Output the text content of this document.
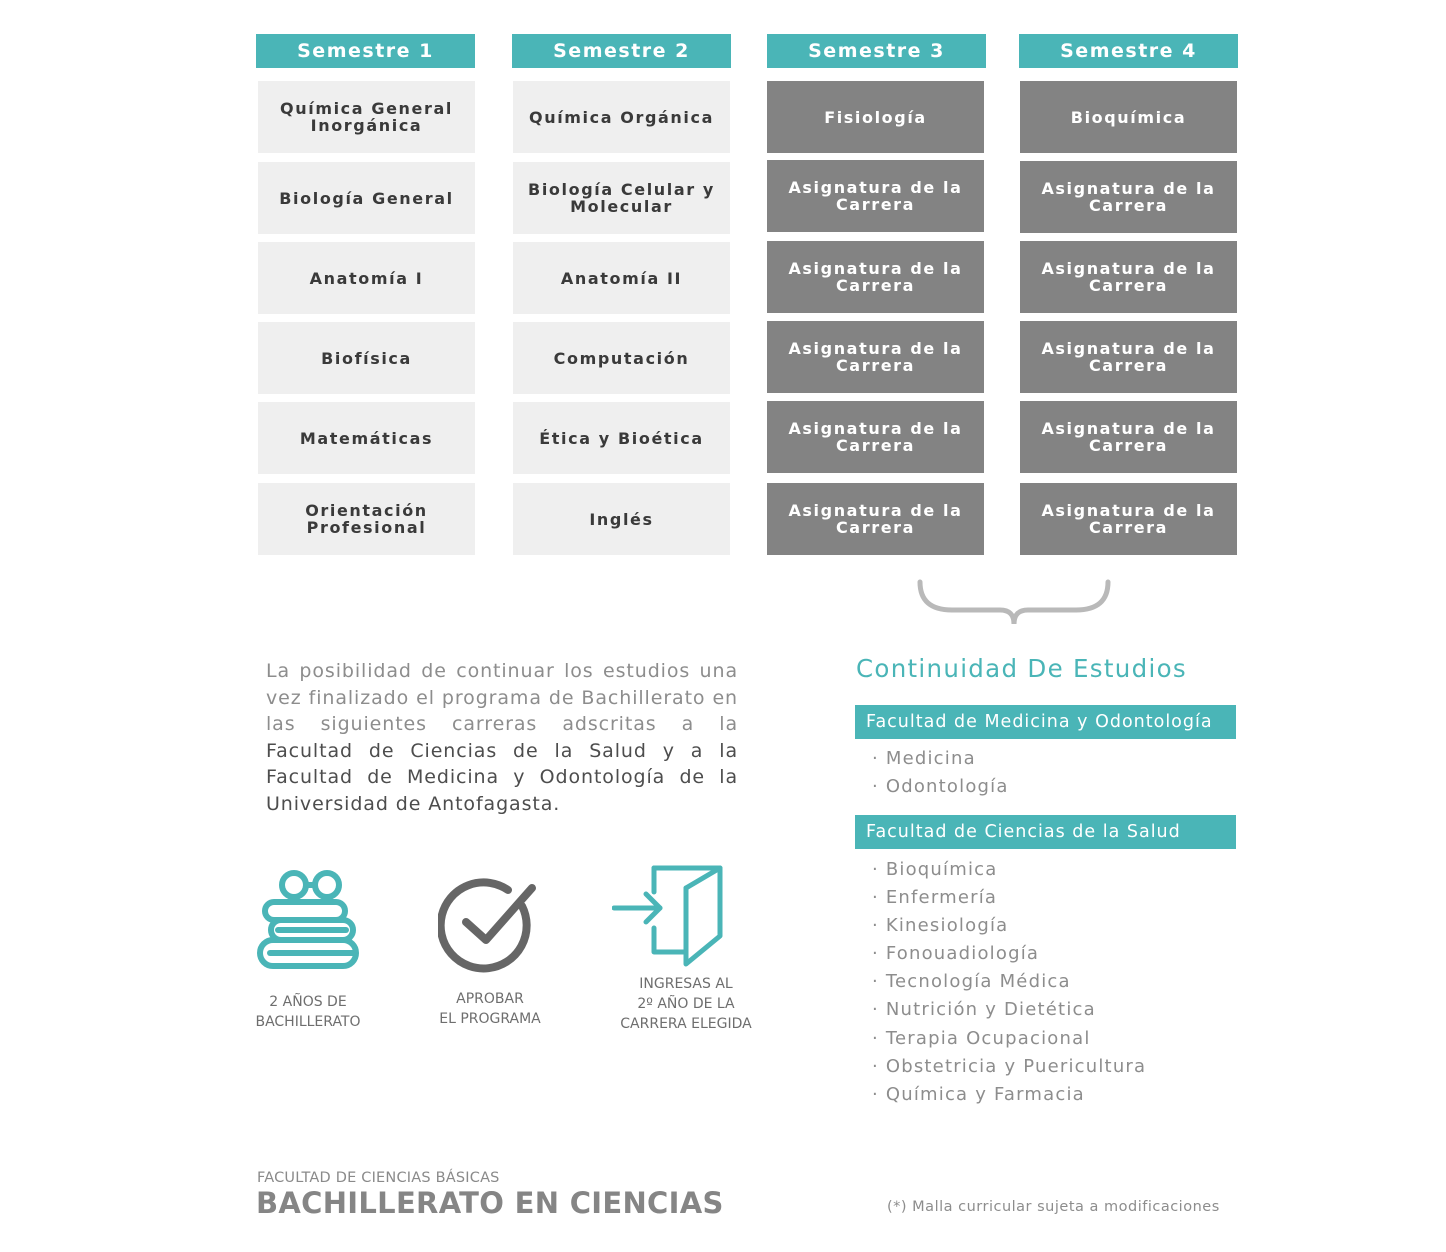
Semestre 1
Química General Inorgánica
Biología General
Anatomía I
Biofísica
Matemáticas
Orientación Profesional
Semestre 2
Química Orgánica
Biología Celular y Molecular
Anatomía II
Computación
Ética y Bioética
Inglés
Semestre 3
Fisiología
Asignatura de la Carrera
Asignatura de la Carrera
Asignatura de la Carrera
Asignatura de la Carrera
Asignatura de la Carrera
Semestre 4
Bioquímica
Asignatura de la Carrera
Asignatura de la Carrera
Asignatura de la Carrera
Asignatura de la Carrera
Asignatura de la Carrera
La posibilidad de continuar los estudios una vez finalizado el programa de Bachillerato en las siguientes carreras adscritas a la Facultad de Ciencias de la Salud y a la Facultad de Medicina y Odontología de la Universidad de Antofagasta.
2 AÑOS DE
BACHILLERATO
APROBAR
EL PROGRAMA
INGRESAS AL
2º AÑO DE LA
CARRERA ELEGIDA
Continuidad De Estudios
Facultad de Medicina y Odontología
· Medicina
· Odontología
Facultad de Ciencias de la Salud
· Bioquímica
· Enfermería
· Kinesiología
· Fonouadiología
· Tecnología Médica
· Nutrición y Dietética
· Terapia Ocupacional
· Obstetricia y Puericultura
· Química y Farmacia
FACULTAD DE CIENCIAS BÁSICAS
BACHILLERATO EN CIENCIAS	(*) Malla curricular sujeta a modificaciones
